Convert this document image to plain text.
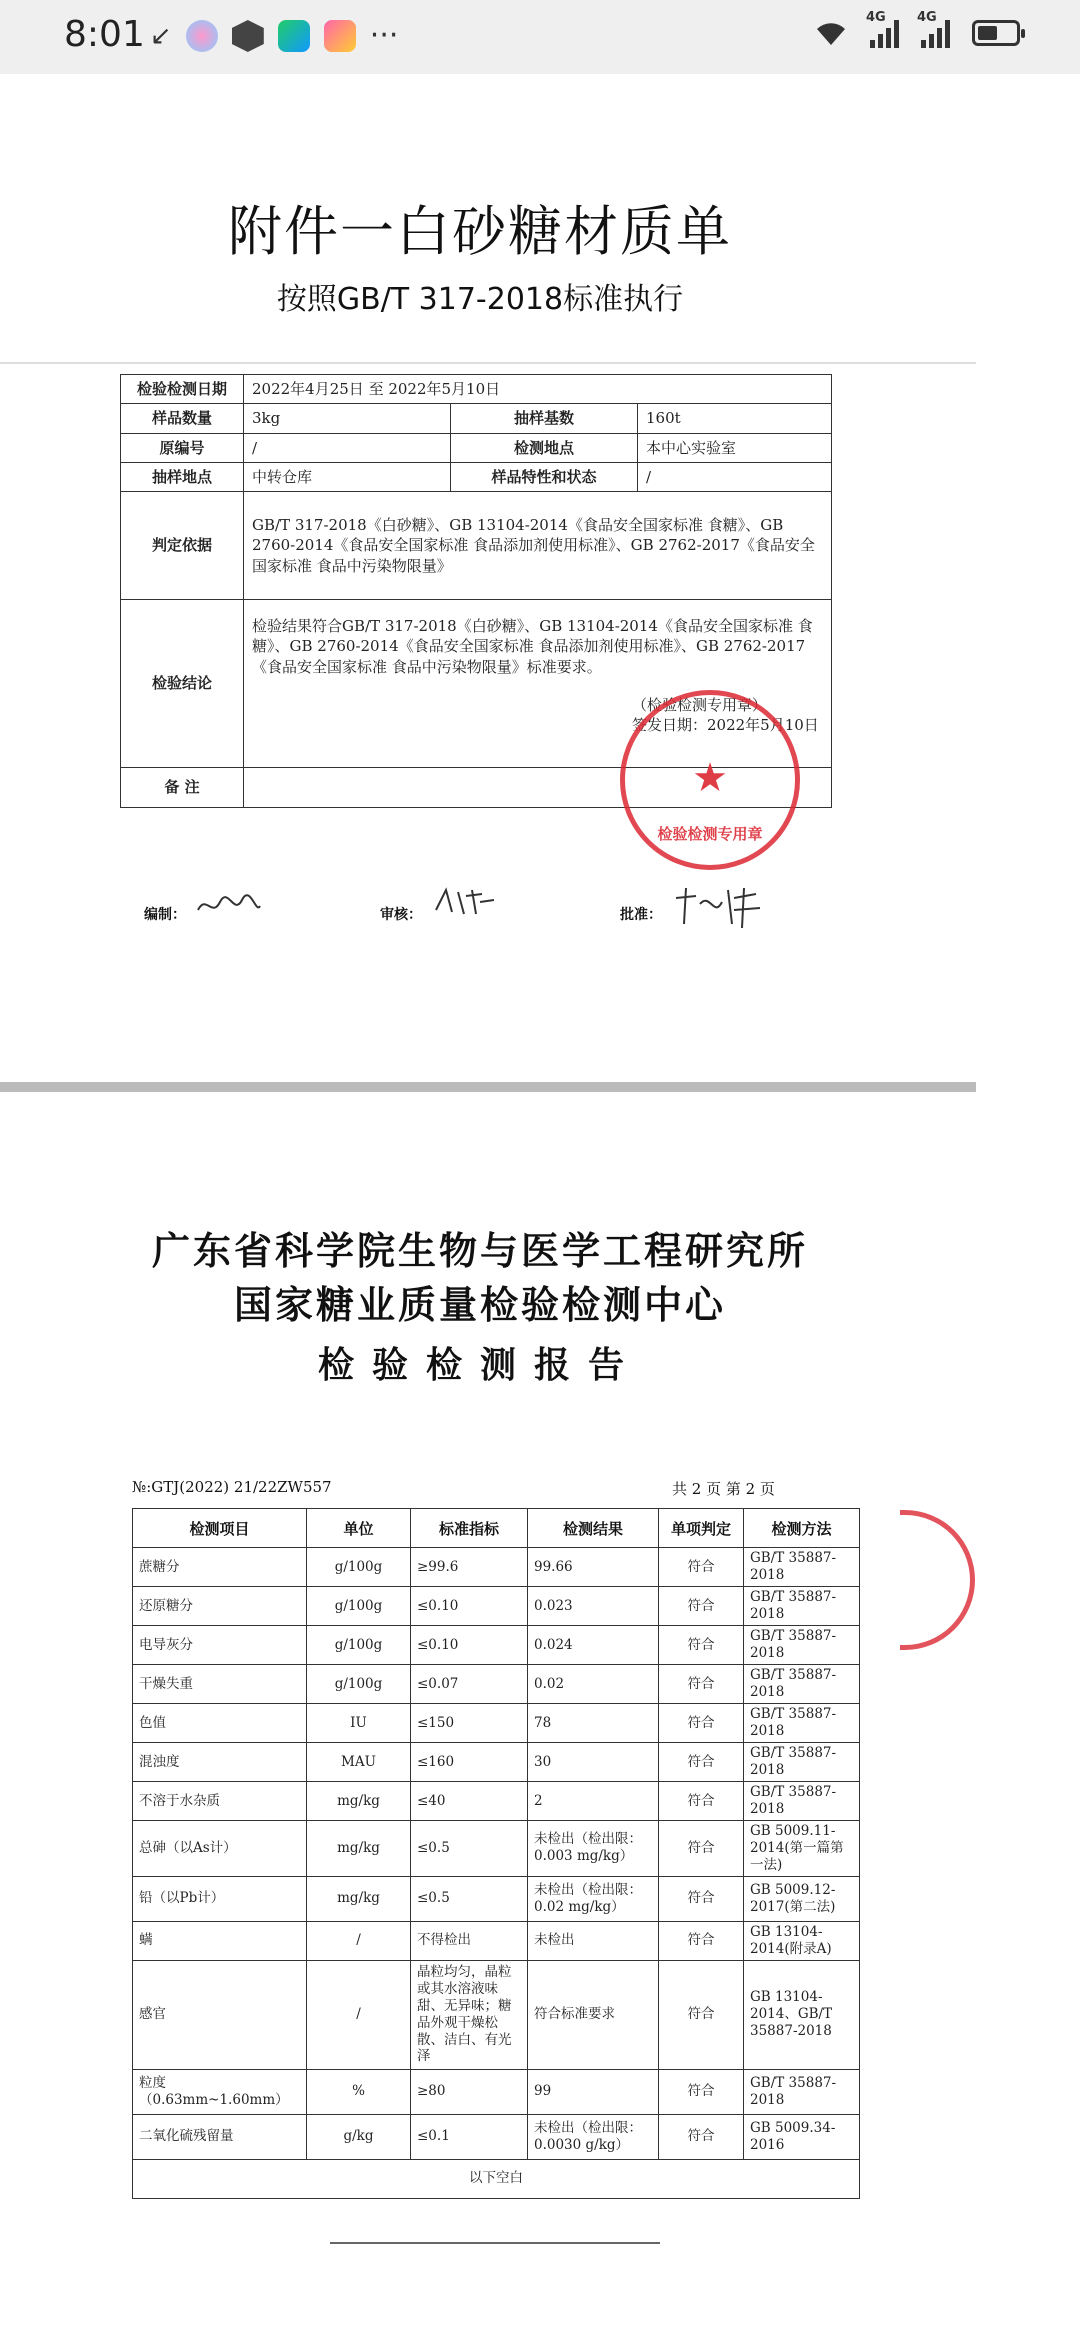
8:01 ↙	···
4G 4G
附件一白砂糖材质单
按照GB/T 317-2018标准执行
检验检测日期	2022年4月25日 至 2022年5月10日		
样品数量	3kg	抽样基数	160t
原编号	/	检测地点	本中心实验室
抽样地点	中转仓库	样品特性和状态	/
判定依据	GB/T 317-2018《白砂糖》、GB 13104-2014《食品安全国家标准 食糖》、GB 2760-2014《食品安全国家标准 食品添加剂使用标准》、GB 2762-2017《食品安全国家标准 食品中污染物限量》		
检验结论	检验结果符合GB/T 317-2018《白砂糖》、GB 13104-2014《食品安全国家标准 食糖》、GB 2760-2014《食品安全国家标准 食品添加剂使用标准》、GB 2762-2017《食品安全国家标准 食品中污染物限量》标准要求。
（检验检测专用章）
签发日期：2022年5月10日		

备 注				★
检验检测专用章
编制：	审核：	批准：
广东省科学院生物与医学工程研究所
国家糖业质量检验检测中心
检验检测报告
№:GTJ(2022) 21/22ZW557	共 2 页 第 2 页
检测项目	单位	标准指标	检测结果	单项判定	检测方法
蔗糖分	g/100g	≥99.6	99.66	符合	GB/T 35887-2018
还原糖分	g/100g	≤0.10	0.023	符合	GB/T 35887-2018
电导灰分	g/100g	≤0.10	0.024	符合	GB/T 35887-2018
干燥失重	g/100g	≤0.07	0.02	符合	GB/T 35887-2018
色值	IU	≤150	78	符合	GB/T 35887-2018
混浊度	MAU	≤160	30	符合	GB/T 35887-2018
不溶于水杂质	mg/kg	≤40	2	符合	GB/T 35887-2018
总砷（以As计）	mg/kg	≤0.5	未检出（检出限：0.003 mg/kg）	符合	GB 5009.11-2014(第一篇第一法)
铅（以Pb计）	mg/kg	≤0.5	未检出（检出限：0.02 mg/kg）	符合	GB 5009.12-2017(第二法)
螨	/	不得检出	未检出	符合	GB 13104-2014(附录A)
感官	/	晶粒均匀，晶粒或其水溶液味甜、无异味；糖品外观干燥松散、洁白、有光泽	符合标准要求	符合	GB 13104-2014、GB/T 35887-2018
粒度（0.63mm~1.60mm）	%	≥80	99	符合	GB/T 35887-2018
二氧化硫残留量	g/kg	≤0.1	未检出（检出限：0.0030 g/kg）	符合	GB 5009.34-2016
以下空白					
